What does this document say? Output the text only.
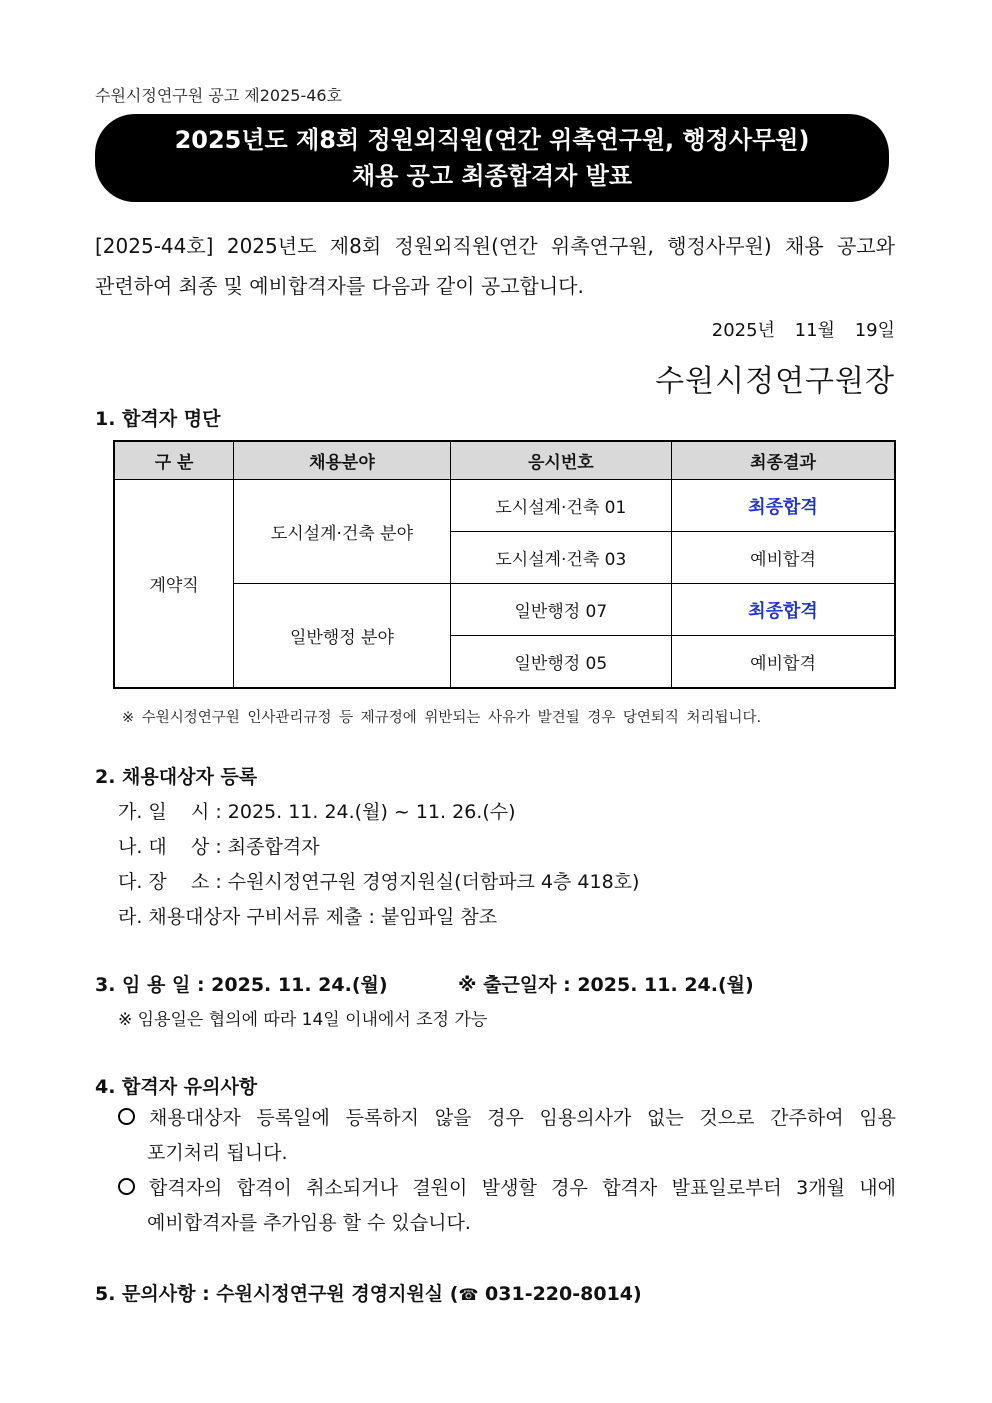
수원시정연구원 공고 제2025-46호
2025년도 제8회 정원외직원(연간 위촉연구원, 행정사무원)
채용 공고 최종합격자 발표
[2025-44호] 2025년도 제8회 정원외직원(연간 위촉연구원, 행정사무원) 채용 공고와
관련하여 최종 및 예비합격자를 다음과 같이 공고합니다.
2025년 11월 19일
수원시정연구원장
1. 합격자 명단
구 분	채용분야	응시번호	최종결과
계약직	도시설계·건축 분야	도시설계·건축 01	최종합격
		도시설계·건축 03	예비합격
	일반행정 분야	일반행정 07	최종합격
		일반행정 05	예비합격
※ 수원시정연구원 인사관리규정 등 제규정에 위반되는 사유가 발견될 경우 당연퇴직 처리됩니다.
2. 채용대상자 등록
가. 일    시 : 2025. 11. 24.(월) ~ 11. 26.(수)
나. 대    상 : 최종합격자
다. 장    소 : 수원시정연구원 경영지원실(더함파크 4층 418호)
라. 채용대상자 구비서류 제출 : 붙임파일 참조
3. 임 용 일 : 2025. 11. 24.(월)	※ 출근일자 : 2025. 11. 24.(월)
※ 임용일은 협의에 따라 14일 이내에서 조정 가능
4. 합격자 유의사항
채용대상자 등록일에 등록하지 않을 경우 임용의사가 없는 것으로 간주하여 임용
포기처리 됩니다.
합격자의 합격이 취소되거나 결원이 발생할 경우 합격자 발표일로부터 3개월 내에
예비합격자를 추가임용 할 수 있습니다.
5. 문의사항 : 수원시정연구원 경영지원실 (☎ 031-220-8014)
